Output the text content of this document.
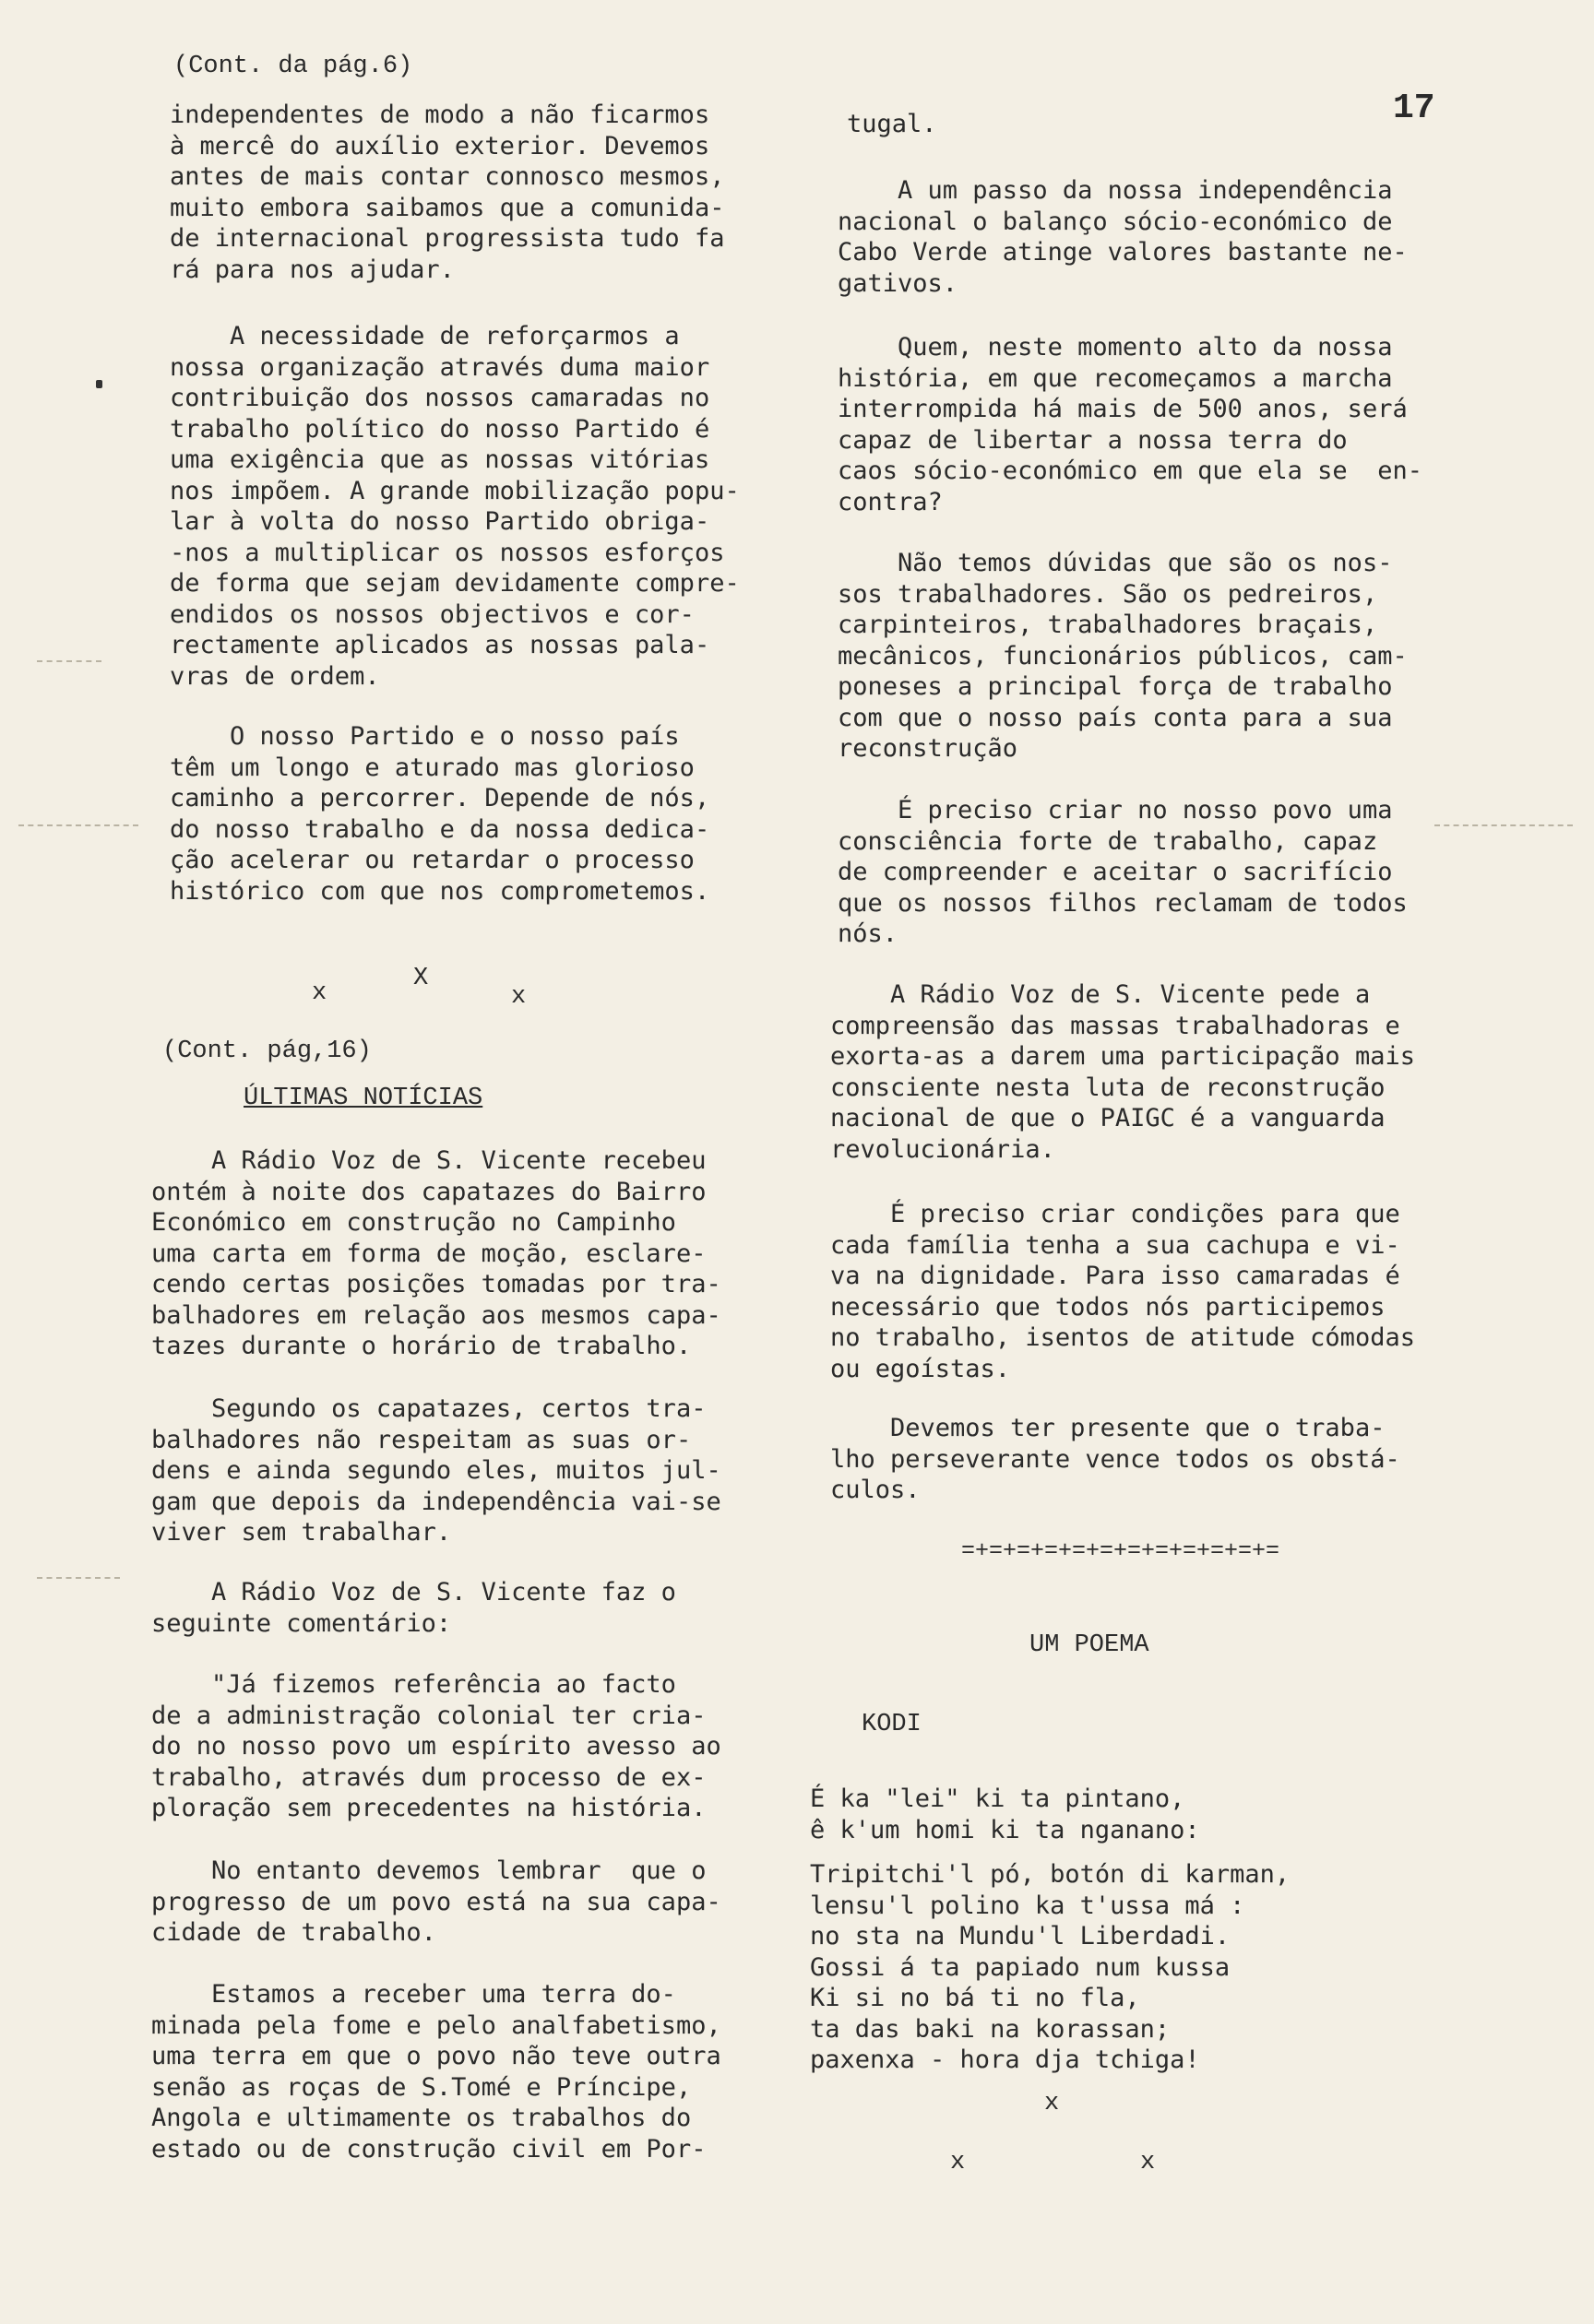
(Cont. da pág.6)
17
independentes de modo a não ficarmos
à mercê do auxílio exterior. Devemos
antes de mais contar connosco mesmos,
muito embora saibamos que a comunida-
de internacional progressista tudo fa
rá para nos ajudar.
A necessidade de reforçarmos a
nossa organização através duma maior
contribuição dos nossos camaradas no
trabalho político do nosso Partido é
uma exigência que as nossas vitórias
nos impõem. A grande mobilização popu-
lar à volta do nosso Partido obriga-
-nos a multiplicar os nossos esforços
de forma que sejam devidamente compre-
endidos os nossos objectivos e cor-
rectamente aplicados as nossas pala-
vras de ordem.
O nosso Partido e o nosso país
têm um longo e aturado mas glorioso
caminho a percorrer. Depende de nós,
do nosso trabalho e da nossa dedica-
ção acelerar ou retardar o processo
histórico com que nos comprometemos.
X
x	x
(Cont. pág,16)
ÚLTIMAS NOTÍCIAS
A Rádio Voz de S. Vicente recebeu
ontém à noite dos capatazes do Bairro
Económico em construção no Campinho
uma carta em forma de moção, esclare-
cendo certas posições tomadas por tra-
balhadores em relação aos mesmos capa-
tazes durante o horário de trabalho.
Segundo os capatazes, certos tra-
balhadores não respeitam as suas or-
dens e ainda segundo eles, muitos jul-
gam que depois da independência vai-se
viver sem trabalhar.
A Rádio Voz de S. Vicente faz o
seguinte comentário:
"Já fizemos referência ao facto
de a administração colonial ter cria-
do no nosso povo um espírito avesso ao
trabalho, através dum processo de ex-
ploração sem precedentes na história.
No entanto devemos lembrar  que o
progresso de um povo está na sua capa-
cidade de trabalho.
Estamos a receber uma terra do-
minada pela fome e pelo analfabetismo,
uma terra em que o povo não teve outra
senão as roças de S.Tomé e Príncipe,
Angola e ultimamente os trabalhos do
estado ou de construção civil em Por-
tugal.
A um passo da nossa independência
nacional o balanço sócio-económico de
Cabo Verde atinge valores bastante ne-
gativos.
Quem, neste momento alto da nossa
história, em que recomeçamos a marcha
interrompida há mais de 500 anos, será
capaz de libertar a nossa terra do
caos sócio-económico em que ela se  en-
contra?
Não temos dúvidas que são os nos-
sos trabalhadores. São os pedreiros,
carpinteiros, trabalhadores braçais,
mecânicos, funcionários públicos, cam-
poneses a principal força de trabalho
com que o nosso país conta para a sua
reconstrução
É preciso criar no nosso povo uma
consciência forte de trabalho, capaz
de compreender e aceitar o sacrifício
que os nossos filhos reclamam de todos
nós.
A Rádio Voz de S. Vicente pede a
compreensão das massas trabalhadoras e
exorta-as a darem uma participação mais
consciente nesta luta de reconstrução
nacional de que o PAIGC é a vanguarda
revolucionária.
É preciso criar condições para que
cada família tenha a sua cachupa e vi-
va na dignidade. Para isso camaradas é
necessário que todos nós participemos
no trabalho, isentos de atitude cómodas
ou egoístas.
Devemos ter presente que o traba-
lho perseverante vence todos os obstá-
culos.
=+=+=+=+=+=+=+=+=+=+=+=
UM POEMA
KODI
É ka "lei" ki ta pintano,
ê k'um homi ki ta nganano:
Tripitchi'l pó, botón di karman,
lensu'l polino ka t'ussa má :
no sta na Mundu'l Liberdadi.
Gossi á ta papiado num kussa
Ki si no bá ti no fla,
ta das baki na korassan;
paxenxa - hora dja tchiga!
x
x	x
